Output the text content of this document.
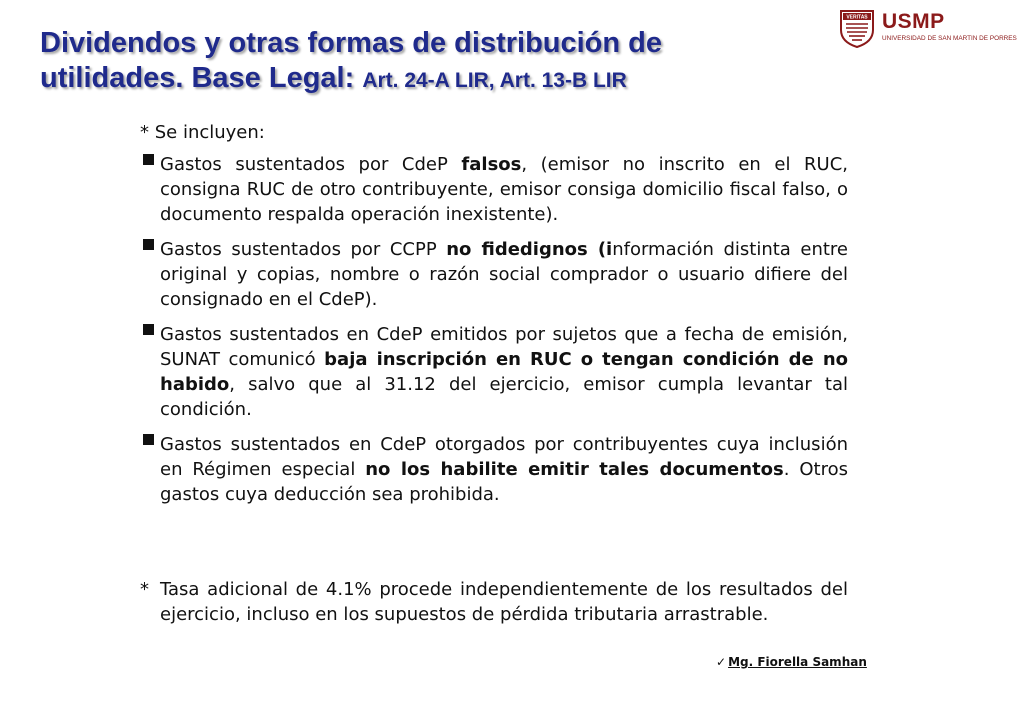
Dividendos y otras formas de distribución de utilidades. Base Legal: Art. 24-A LIR, Art. 13-B LIR
VERITAS USMP
UNIVERSIDAD DE SAN MARTIN DE PORRES

* Se incluyen:

Gastos sustentados por CdeP falsos, (emisor no inscrito en el RUC, consigna RUC de otro contribuyente, emisor consiga domicilio fiscal falso, o documento respalda operación inexistente).
Gastos sustentados por CCPP no fidedignos (información distinta entre original y copias, nombre o razón social comprador o usuario difiere del consignado en el CdeP).
Gastos sustentados en CdeP emitidos por sujetos que a fecha de emisión, SUNAT comunicó baja inscripción en RUC o tengan condición de no habido, salvo que al 31.12 del ejercicio, emisor cumpla levantar tal condición.
Gastos sustentados en CdeP otorgados por contribuyentes cuya inclusión en Régimen especial no los habilite emitir tales documentos. Otros gastos cuya deducción sea prohibida.

* Tasa adicional de 4.1% procede independientemente de los resultados del ejercicio, incluso en los supuestos de pérdida tributaria arrastrable.

✓ Mg. Fiorella Samhan
